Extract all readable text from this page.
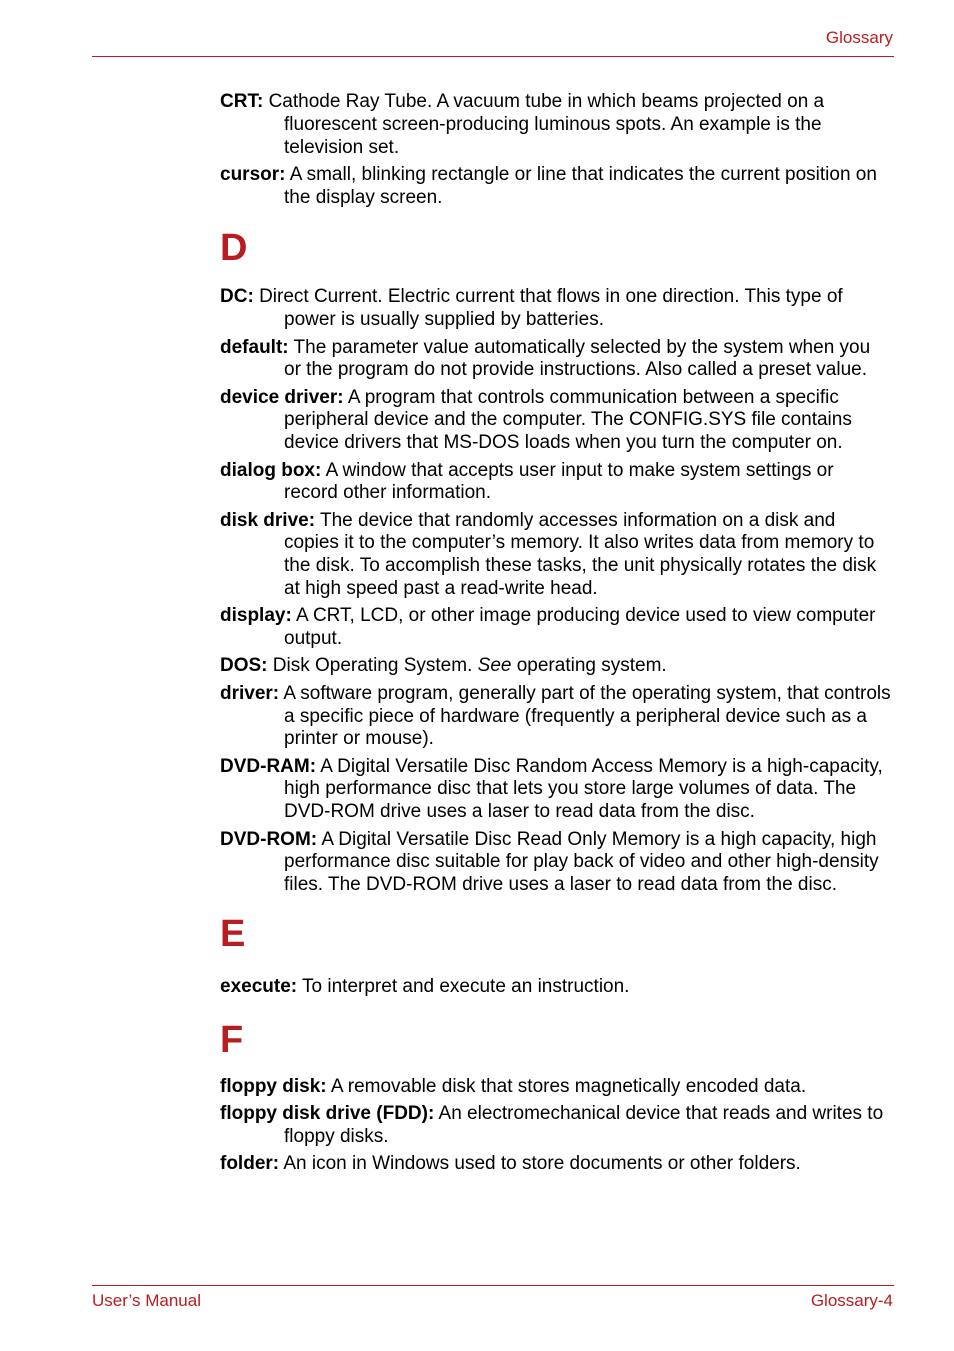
Glossary

CRT: Cathode Ray Tube. A vacuum tube in which beams projected on a fluorescent screen-producing luminous spots. An example is the television set.

cursor: A small, blinking rectangle or line that indicates the current position on the display screen.

D

DC: Direct Current. Electric current that flows in one direction. This type of power is usually supplied by batteries.

default: The parameter value automatically selected by the system when you or the program do not provide instructions. Also called a preset value.

device driver: A program that controls communication between a specific peripheral device and the computer. The CONFIG.SYS file contains device drivers that MS-DOS loads when you turn the computer on.

dialog box: A window that accepts user input to make system settings or record other information.

disk drive: The device that randomly accesses information on a disk and copies it to the computer’s memory. It also writes data from memory to the disk. To accomplish these tasks, the unit physically rotates the disk at high speed past a read-write head.

display: A CRT, LCD, or other image producing device used to view computer output.

DOS: Disk Operating System. See operating system.

driver: A software program, generally part of the operating system, that controls a specific piece of hardware (frequently a peripheral device such as a printer or mouse).

DVD-RAM: A Digital Versatile Disc Random Access Memory is a high-capacity, high performance disc that lets you store large volumes of data. The DVD-ROM drive uses a laser to read data from the disc.

DVD-ROM: A Digital Versatile Disc Read Only Memory is a high capacity, high performance disc suitable for play back of video and other high-density files. The DVD-ROM drive uses a laser to read data from the disc.

E

execute: To interpret and execute an instruction.

F

floppy disk: A removable disk that stores magnetically encoded data.

floppy disk drive (FDD): An electromechanical device that reads and writes to floppy disks.

folder: An icon in Windows used to store documents or other folders.

User’s Manual	Glossary-4
